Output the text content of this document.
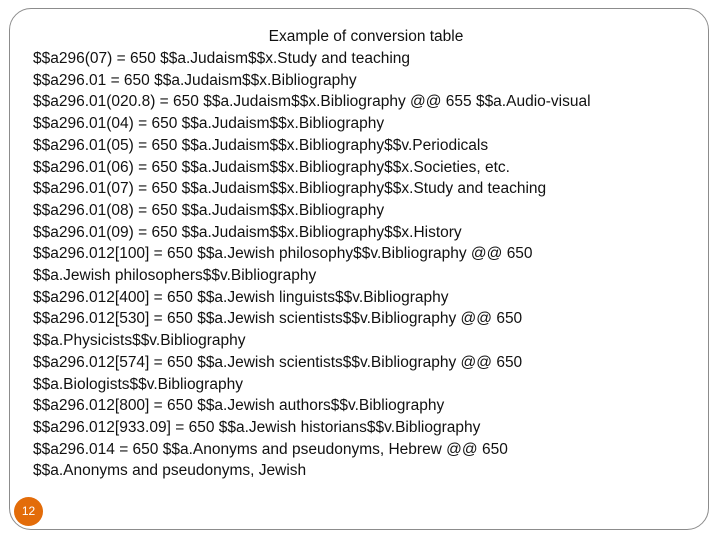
Example of conversion table
$$a296(07) = 650 $$a.Judaism$$x.Study and teaching
$$a296.01 = 650 $$a.Judaism$$x.Bibliography
$$a296.01(020.8) = 650 $$a.Judaism$$x.Bibliography @@ 655 $$a.Audio-visual
$$a296.01(04) = 650 $$a.Judaism$$x.Bibliography
$$a296.01(05) = 650 $$a.Judaism$$x.Bibliography$$v.Periodicals
$$a296.01(06) = 650 $$a.Judaism$$x.Bibliography$$x.Societies, etc.
$$a296.01(07) = 650 $$a.Judaism$$x.Bibliography$$x.Study and teaching
$$a296.01(08) = 650 $$a.Judaism$$x.Bibliography
$$a296.01(09) = 650 $$a.Judaism$$x.Bibliography$$x.History
$$a296.012[100] = 650 $$a.Jewish philosophy$$v.Bibliography @@ 650
$$a.Jewish philosophers$$v.Bibliography
$$a296.012[400] = 650 $$a.Jewish linguists$$v.Bibliography
$$a296.012[530] = 650 $$a.Jewish scientists$$v.Bibliography @@ 650
$$a.Physicists$$v.Bibliography
$$a296.012[574] = 650 $$a.Jewish scientists$$v.Bibliography @@ 650
$$a.Biologists$$v.Bibliography
$$a296.012[800] = 650 $$a.Jewish authors$$v.Bibliography
$$a296.012[933.09] = 650 $$a.Jewish historians$$v.Bibliography
$$a296.014 = 650 $$a.Anonyms and pseudonyms, Hebrew @@ 650
$$a.Anonyms and pseudonyms, Jewish
12
